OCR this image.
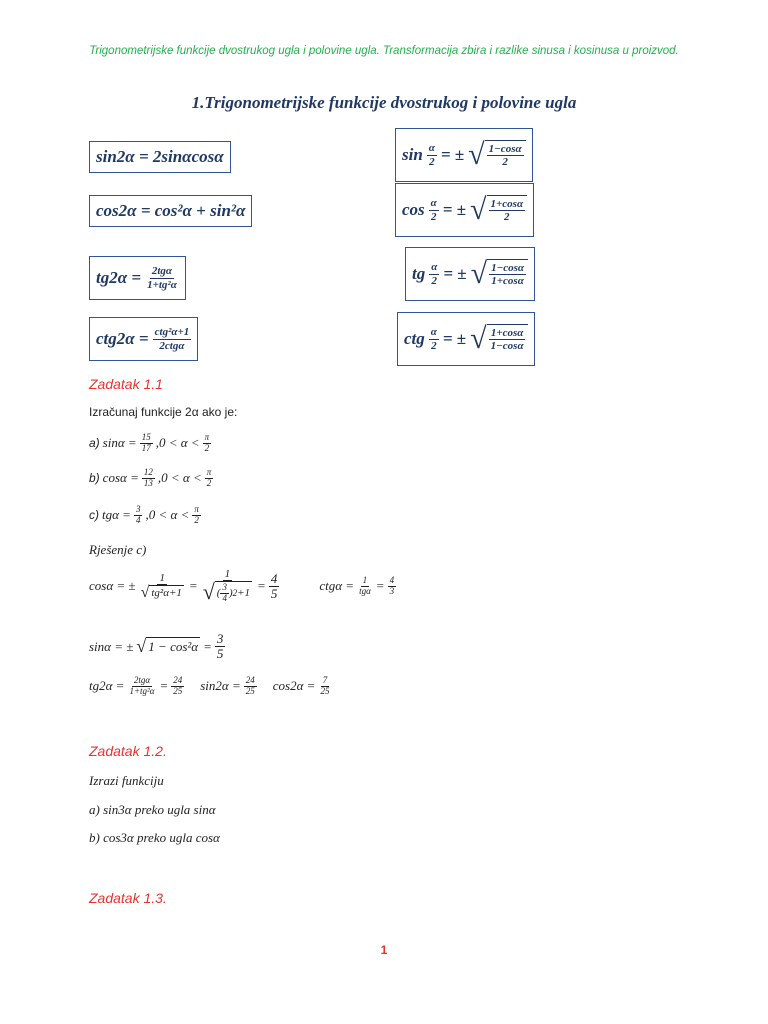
Trigonometrijske funkcije dvostrukog ugla i polovine ugla. Transformacija zbira i razlike sinusa i kosinusa u proizvod.
1.Trigonometrijske funkcije dvostrukog i polovine ugla
sin2α = 2sinαcosα
cos2α = cos²α + sin²α
$tg2\alpha = \frac{\text{2tgα}}{\text{1+tg²α}}$
$ctg2\alpha = \frac{\text{ctg²α+1}}{\text{2ctgα}}$
$\sin \frac{\alpha}{2}$ = ± √ $\frac{1-\cos\alpha}{2}$
$\cos \frac{\alpha}{2}$ = ± √ $\frac{1+\cos\alpha}{2}$
tg $\frac{\alpha}{2}$ = ± √ $\frac{1-\cos\alpha}{1+\cos\alpha}$
ctg $\frac{\alpha}{2}$ = ± √ $\frac{1+\cos\alpha}{1-\cos\alpha}$
Zadatak 1.1
Izračunaj funkcije 2α ako je:
a) $\sin\alpha = \frac{15}{17} ,0 < \alpha < \frac{\pi}{2}$
b) $\cos\alpha = \frac{12}{13} ,0 < \alpha < \frac{\pi}{2}$
c) $tg\alpha = \frac{3}{4} ,0 < \alpha < \frac{\pi}{2}$
Rješenje c)
cosα = ± $\frac{1}{\text{√ tg²α+1}} = \frac{1}{√ ( \frac{3}{4} ) 2 +1} = \frac{4}{5}$	$ctg\alpha = \frac{1}{\text{tgα}} = \frac{4}{3}$
sinα = ± √ $1 - \cos^2\alpha = \frac{3}{5}$
$tg2\alpha = \frac{\text{2tgα}}{\text{1+tg²α}} = \frac{24}{25} \sin 2\alpha = \frac{24}{25} \cos 2\alpha = \frac{7}{25}$
Zadatak 1.2.
Izrazi funkciju
a) sin3α preko ugla sinα
b) cos3α preko ugla cosα
Zadatak 1.3.
1
